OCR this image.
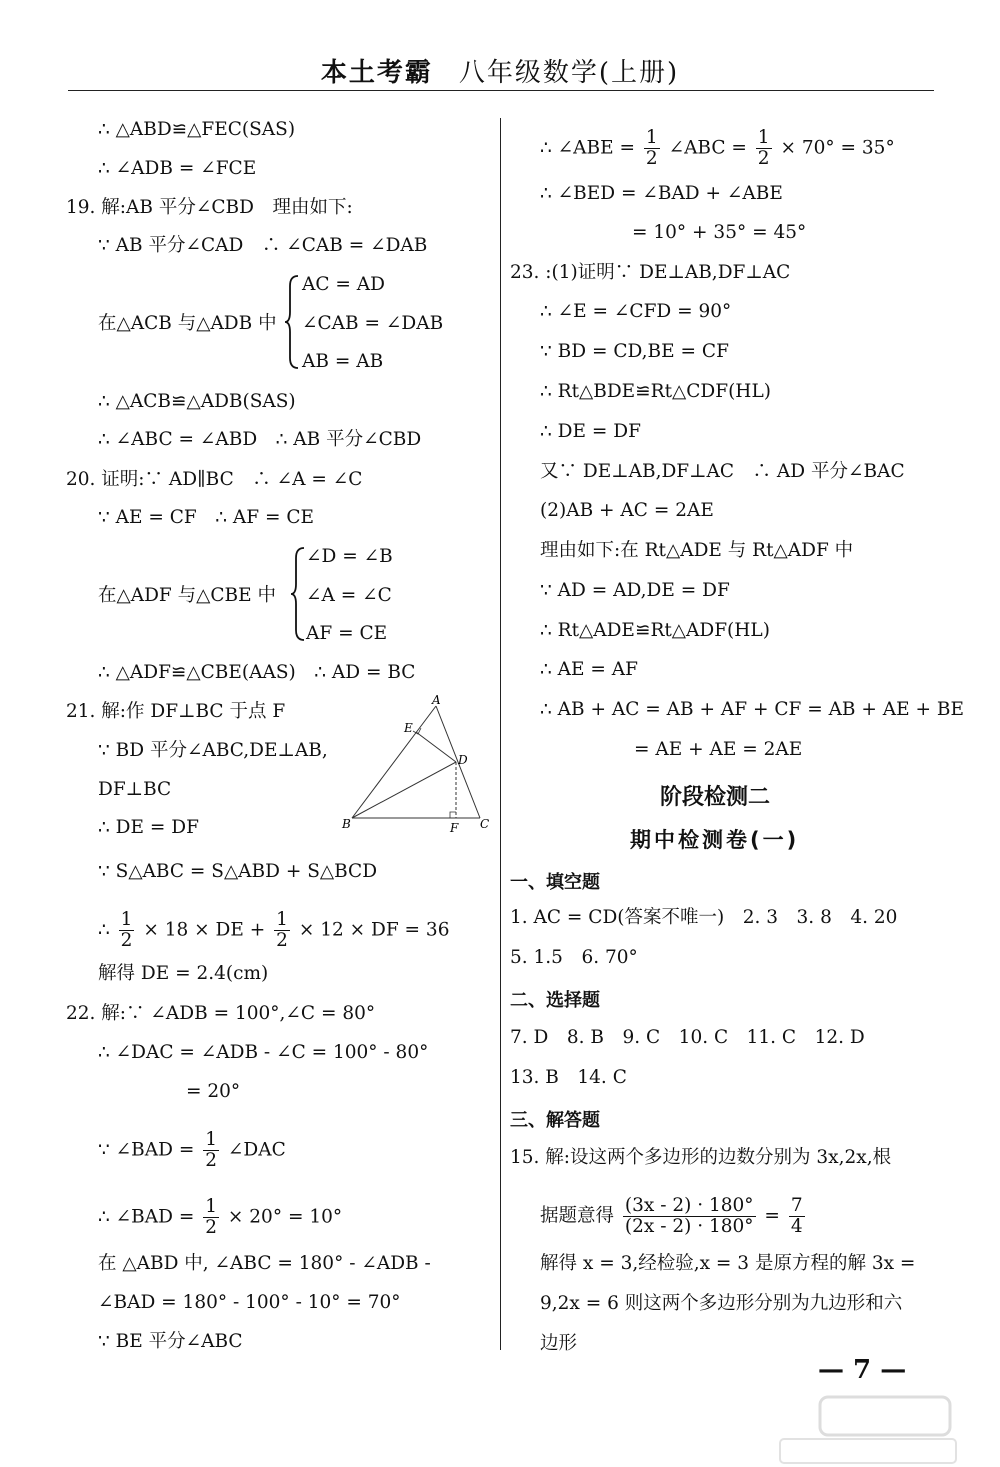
本土考霸 八年级数学(上册)
∴ △ABD≌△FEC(SAS)
∴ ∠ADB = ∠FCE
19. 解:AB 平分∠CBD　理由如下:
∵ AB 平分∠CAD　∴ ∠CAB = ∠DAB
AC = AD
在△ACB 与△ADB 中 ∠CAB = ∠DAB
AB = AB
∴ △ACB≌△ADB(SAS)
∴ ∠ABC = ∠ABD　∴ AB 平分∠CBD
20. 证明:∵ AD∥BC　∴ ∠A = ∠C
∵ AE = CF　∴ AF = CE
∠D = ∠B
在△ADF 与△CBE 中 ∠A = ∠C
AF = CE
∴ △ADF≌△CBE(AAS)　∴ AD = BC
21. 解:作 DF⊥BC 于点 F
∵ BD 平分∠ABC,DE⊥AB,
DF⊥BC
∴ DE = DF
∵ S△ABC = S△ABD + S△BCD
∴ $\frac{1}{2} \times 18$ × DE + $\frac{1}{2} \times 12$ × DF = 36
解得 DE = 2.4(cm)
22. 解:∵ ∠ADB = 100°,∠C = 80°
∴ ∠DAC = ∠ADB - ∠C = 100° - 80°
= 20°
∵ ∠BAD = $\frac{1}{2}$ ∠DAC
∴ ∠BAD = $\frac{1}{2} \times 20^\circ = 10^\circ$
在 △ABD 中, ∠ABC = 180° - ∠ADB -
∠BAD = 180° - 100° - 10° = 70°
∵ BE 平分∠ABC
A
B	C
D
E
F
∴ ∠ABE = $\frac{1}{2}$ ∠ABC = $\frac{1}{2} \times 70^\circ = 35^\circ$
∴ ∠BED = ∠BAD + ∠ABE
= 10° + 35° = 45°
23. :(1)证明∵ DE⊥AB,DF⊥AC
∴ ∠E = ∠CFD = 90°
∵ BD = CD,BE = CF
∴ Rt△BDE≌Rt△CDF(HL)
∴ DE = DF
又∵ DE⊥AB,DF⊥AC　∴ AD 平分∠BAC
(2)AB + AC = 2AE
理由如下:在 Rt△ADE 与 Rt△ADF 中
∵ AD = AD,DE = DF
∴ Rt△ADE≌Rt△ADF(HL)
∴ AE = AF
∴ AB + AC = AB + AF + CF = AB + AE + BE
= AE + AE = 2AE
阶段检测二
期中检测卷(一)
一、填空题
1. AC = CD(答案不唯一)　2. 3　3. 8　4. 20
5. 1.5　6. 70°
二、选择题
7. D　8. B　9. C　10. C　11. C　12. D
13. B　14. C
三、解答题
15. 解:设这两个多边形的边数分别为 3x,2x,根
据题意得 $\frac{(3x - 2) \cdot 180^\circ}{(2x - 2) \cdot 180^\circ} = \frac{7}{4}$
解得 x = 3,经检验,x = 3 是原方程的解 3x =
9,2x = 6 则这两个多边形分别为九边形和六
边形
— 7 —
